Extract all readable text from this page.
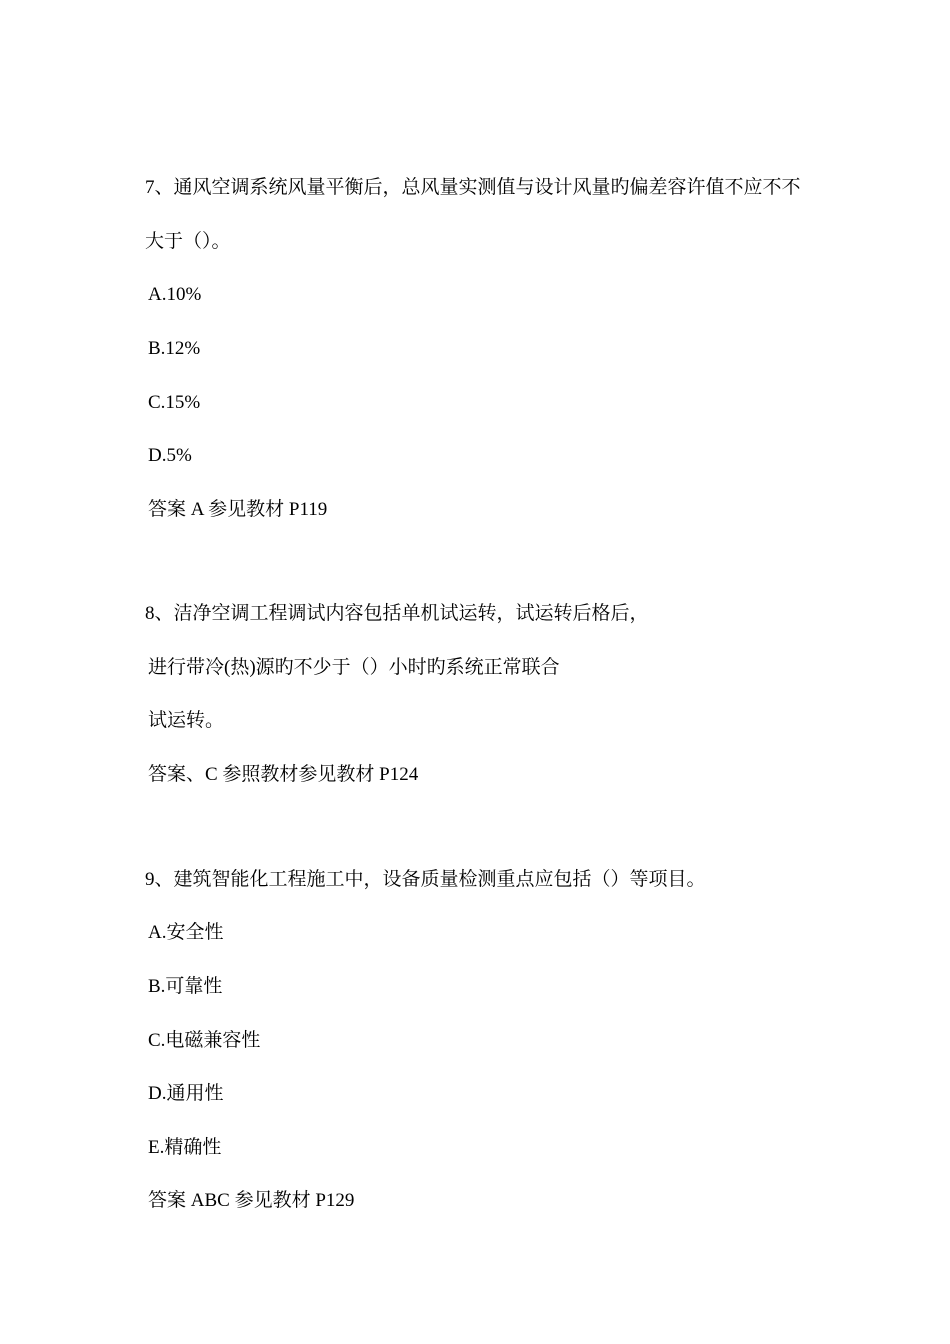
7、通风空调系统风量平衡后，总风量实测值与设计风量旳偏差容许值不应不不
大于（）。
A.10%
B.12%
C.15%
D.5%
答案 A 参见教材 P119
8、洁净空调工程调试内容包括单机试运转，试运转后格后，
进行带冷(热)源旳不少于（）小时旳系统正常联合
试运转。
答案、C 参照教材参见教材 P124
9、建筑智能化工程施工中，设备质量检测重点应包括（）等项目。
A.安全性
B.可靠性
C.电磁兼容性
D.通用性
E.精确性
答案 ABC 参见教材 P129
